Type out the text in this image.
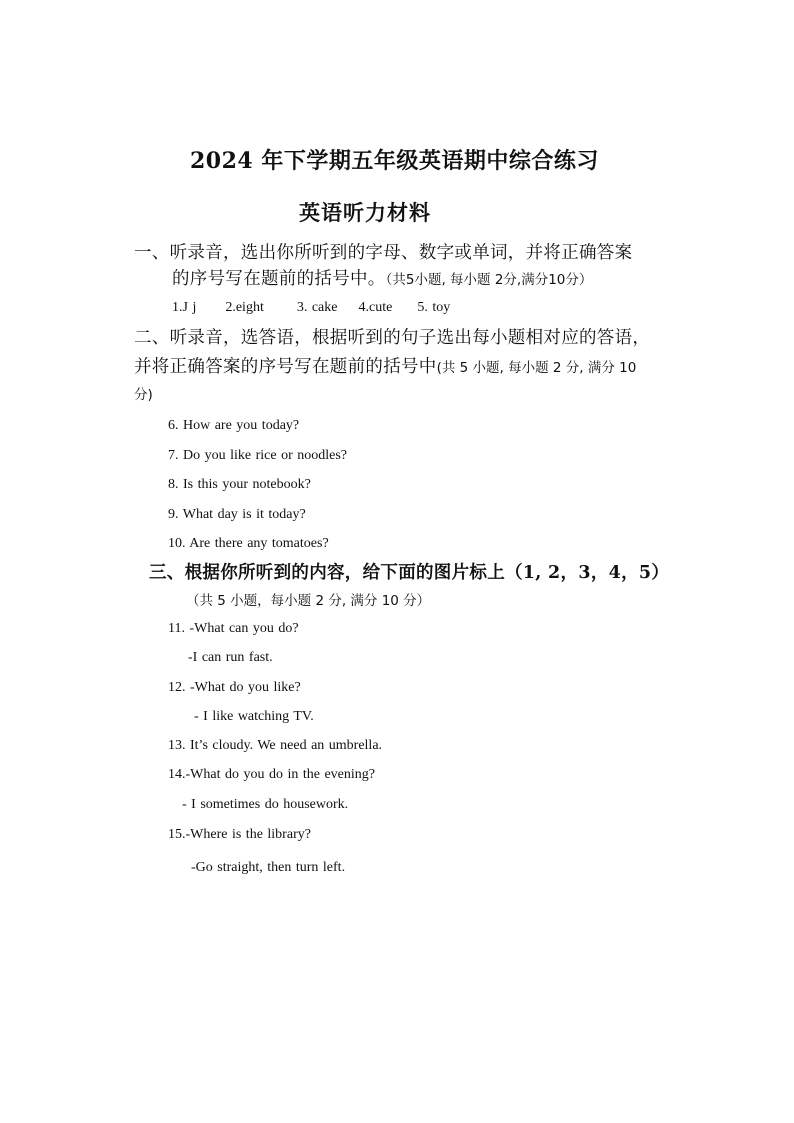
2024 年下学期五年级英语期中综合练习
英语听力材料
一、听录音，选出你所听到的字母、数字或单词，并将正确答案
的序号写在题前的括号中。（共5小题, 每小题 2分,满分10分）
1.J j 2.eight 3. cake 4.cute 5. toy
二、听录音，选答语，根据听到的句子选出每小题相对应的答语，
并将正确答案的序号写在题前的括号中(共 5 小题, 每小题 2 分, 满分 10
分)
6. How are you today?
7. Do you like rice or noodles?
8. Is this your notebook?
9. What day is it today?
10. Are there any tomatoes?
三、根据你所听到的内容，给下面的图片标上（1, 2，3，4，5）
（共 5 小题，每小题 2 分, 满分 10 分）
11. -What can you do?
-I can run fast.
12. -What do you like?
- I like watching TV.
13. It’s cloudy. We need an umbrella.
14.-What do you do in the evening?
- I sometimes do housework.
15.-Where is the library?
-Go straight, then turn left.
